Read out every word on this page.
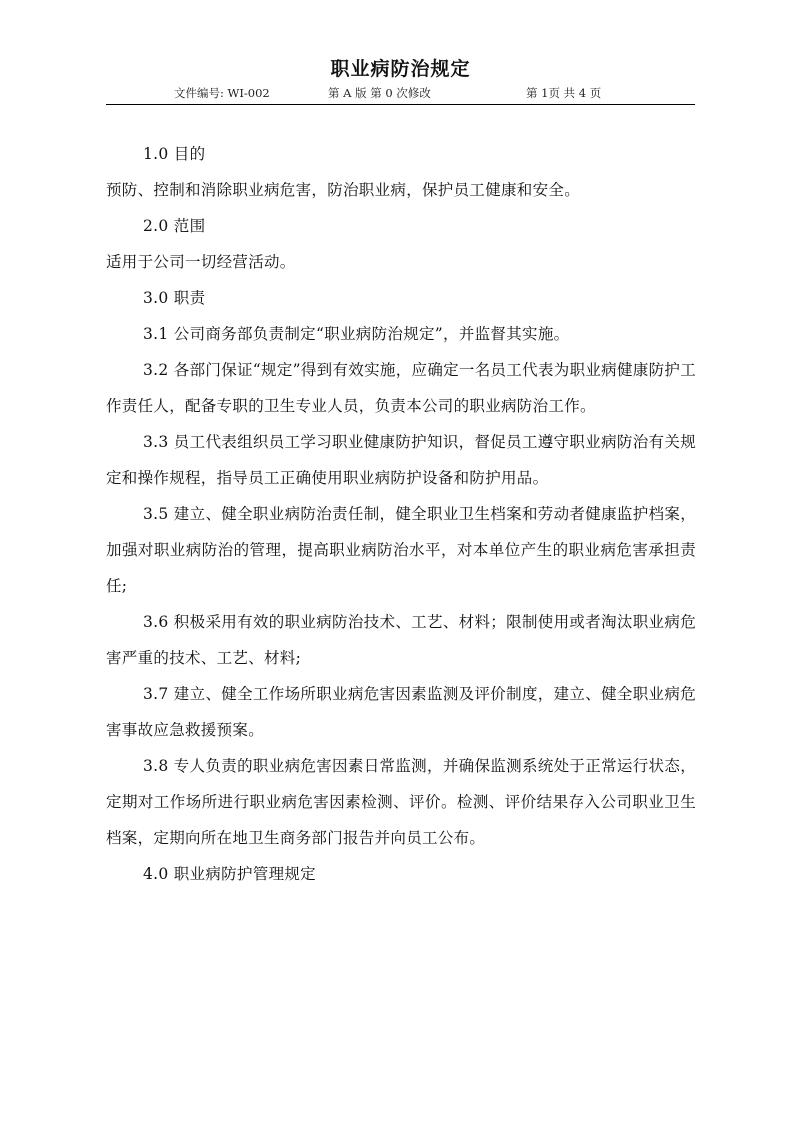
职业病防治规定
文件编号: WI-002	第 A 版 第 0 次修改	第 1页 共 4 页

1.0 目的

预防、控制和消除职业病危害，防治职业病，保护员工健康和安全。

2.0 范围

适用于公司一切经营活动。

3.0 职责

3.1 公司商务部负责制定“职业病防治规定”，并监督其实施。

3.2 各部门保证“规定”得到有效实施，应确定一名员工代表为职业病健康防护工作责任人，配备专职的卫生专业人员，负责本公司的职业病防治工作。

3.3 员工代表组织员工学习职业健康防护知识，督促员工遵守职业病防治有关规定和操作规程，指导员工正确使用职业病防护设备和防护用品。

3.5 建立、健全职业病防治责任制，健全职业卫生档案和劳动者健康监护档案，加强对职业病防治的管理，提高职业病防治水平，对本单位产生的职业病危害承担责任;

3.6 积极采用有效的职业病防治技术、工艺、材料；限制使用或者淘汰职业病危害严重的技术、工艺、材料;

3.7 建立、健全工作场所职业病危害因素监测及评价制度，建立、健全职业病危害事故应急救援预案。

3.8 专人负责的职业病危害因素日常监测，并确保监测系统处于正常运行状态，定期对工作场所进行职业病危害因素检测、评价。检测、评价结果存入公司职业卫生档案，定期向所在地卫生商务部门报告并向员工公布。

4.0 职业病防护管理规定
